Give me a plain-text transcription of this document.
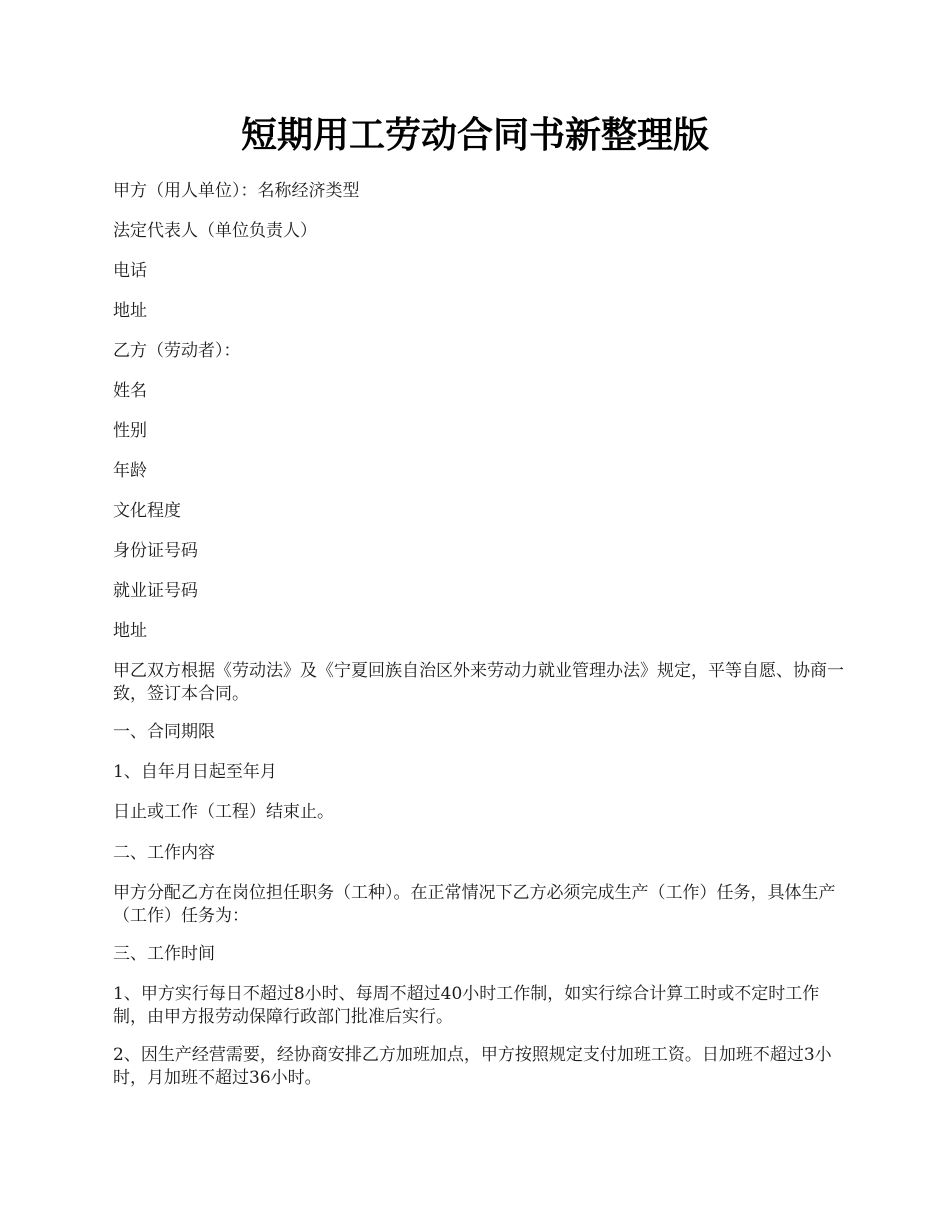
短期用工劳动合同书新整理版

甲方（用人单位）：名称经济类型

法定代表人（单位负责人）

电话

地址

乙方（劳动者）：

姓名

性别

年龄

文化程度

身份证号码

就业证号码

地址

甲乙双方根据《劳动法》及《宁夏回族自治区外来劳动力就业管理办法》规定，平等自愿、协商一致，签订本合同。

一、合同期限

1、自年月日起至年月

日止或工作（工程）结束止。

二、工作内容

甲方分配乙方在岗位担任职务（工种）。在正常情况下乙方必须完成生产（工作）任务，具体生产（工作）任务为：

三、工作时间

1、甲方实行每日不超过8小时、每周不超过40小时工作制，如实行综合计算工时或不定时工作制，由甲方报劳动保障行政部门批准后实行。

2、因生产经营需要，经协商安排乙方加班加点，甲方按照规定支付加班工资。日加班不超过3小时，月加班不超过36小时。
